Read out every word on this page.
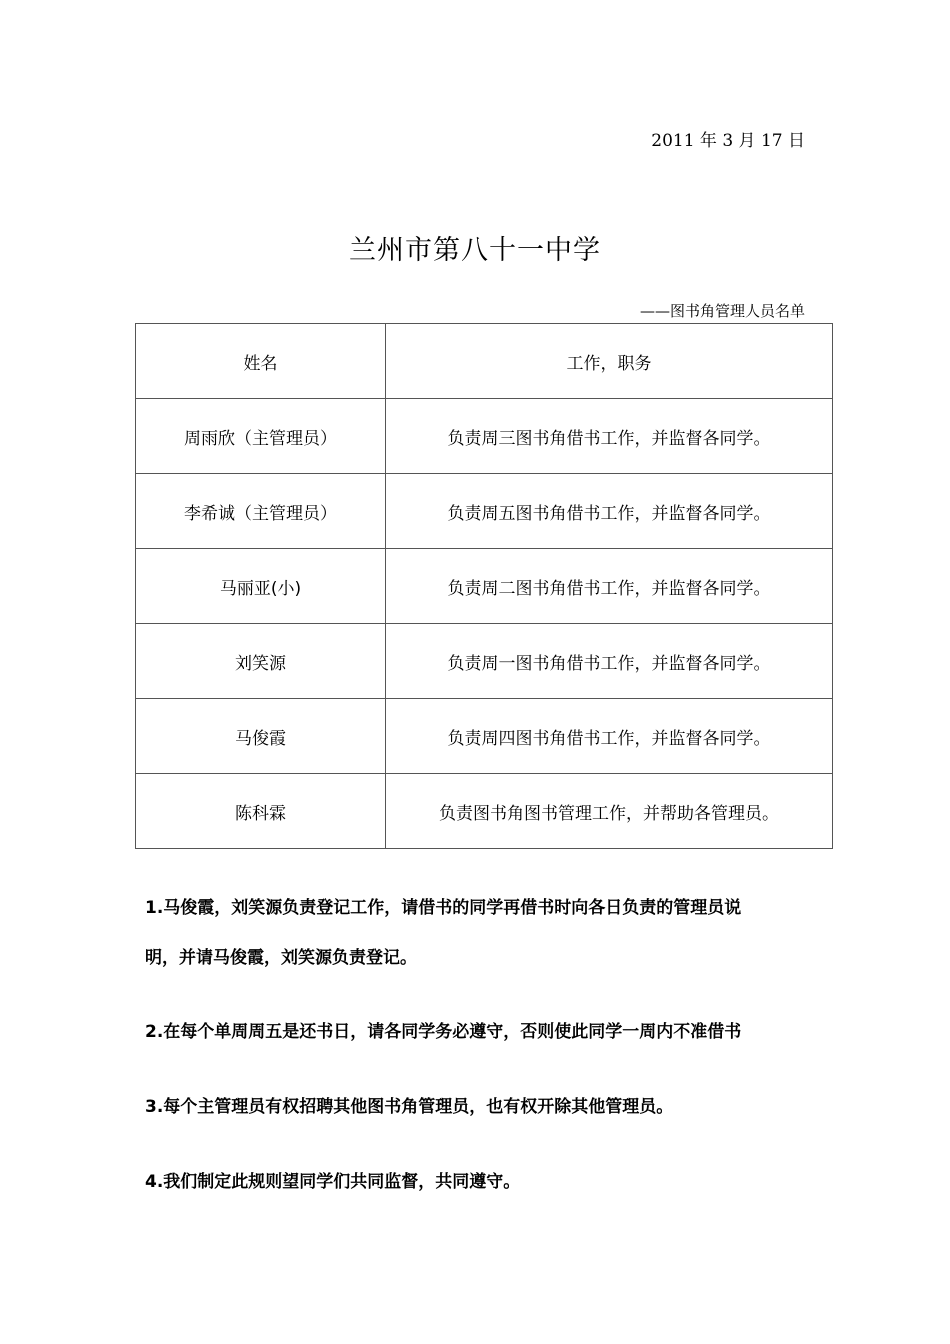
2011 年 3 月 17 日
兰州市第八十一中学
——图书角管理人员名单
姓名	工作，职务
周雨欣（主管理员）	负责周三图书角借书工作，并监督各同学。
李希诚（主管理员）	负责周五图书角借书工作，并监督各同学。
马丽亚(小)	负责周二图书角借书工作，并监督各同学。
刘笑源	负责周一图书角借书工作，并监督各同学。
马俊霞	负责周四图书角借书工作，并监督各同学。
陈科霖	负责图书角图书管理工作，并帮助各管理员。

1.马俊霞，刘笑源负责登记工作，请借书的同学再借书时向各日负责的管理员说

明，并请马俊霞，刘笑源负责登记。

2.在每个单周周五是还书日，请各同学务必遵守，否则使此同学一周内不准借书

3.每个主管理员有权招聘其他图书角管理员，也有权开除其他管理员。

4.我们制定此规则望同学们共同监督，共同遵守。
